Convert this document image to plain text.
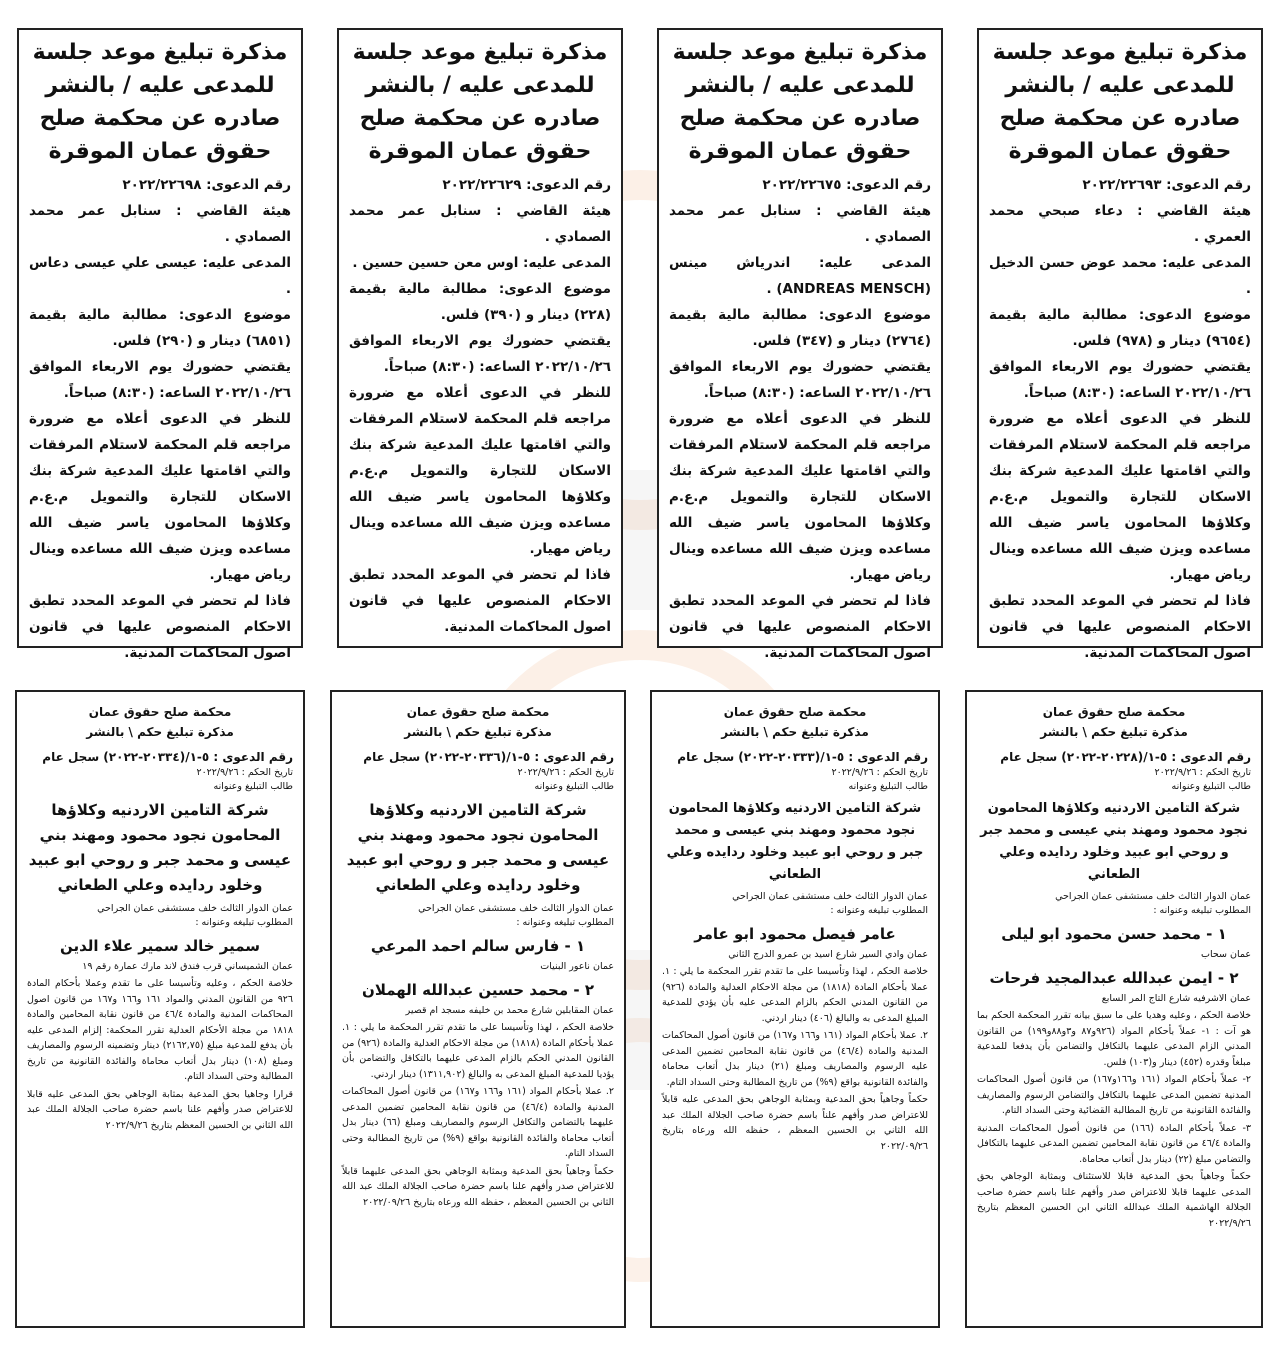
مذكرة تبليغ موعد جلسة للمدعى عليه / بالنشر صادره عن محكمة صلح حقوق عمان الموقرة

رقم الدعوى: ٢٠٢٢/٢٢٦٩٣

هيئة القاضي : دعاء صبحي محمد العمري .

المدعى عليه: محمد عوض حسن الدخيل .

موضوع الدعوى: مطالبة مالية بقيمة (٩٦٥٤) دينار و (٩٧٨) فلس.

يقتضي حضورك يوم الاربعاء الموافق ٢٠٢٢/١٠/٢٦ الساعه: (٨:٣٠) صباحاً.

للنظر في الدعوى أعلاه مع ضرورة مراجعه قلم المحكمة لاستلام المرفقات والتي اقامتها عليك المدعية شركة بنك الاسكان للتجارة والتمويل م.ع.م وكلاؤها المحامون ياسر ضيف الله مساعده ويزن ضيف الله مساعده وينال رياض مهيار.

فاذا لم تحضر في الموعد المحدد تطبق الاحكام المنصوص عليها في قانون اصول المحاكمات المدنية.

مذكرة تبليغ موعد جلسة للمدعى عليه / بالنشر صادره عن محكمة صلح حقوق عمان الموقرة

رقم الدعوى: ٢٠٢٢/٢٢٦٧٥

هيئة القاضي : سنابل عمر محمد الصمادي .

المدعى عليه: اندرياش مينس (ANDREAS MENSCH) .

موضوع الدعوى: مطالبة مالية بقيمة (٢٧٦٤) دينار و (٣٤٧) فلس.

يقتضي حضورك يوم الاربعاء الموافق ٢٠٢٢/١٠/٢٦ الساعه: (٨:٣٠) صباحاً.

للنظر في الدعوى أعلاه مع ضرورة مراجعه قلم المحكمة لاستلام المرفقات والتي اقامتها عليك المدعية شركة بنك الاسكان للتجارة والتمويل م.ع.م وكلاؤها المحامون ياسر ضيف الله مساعده ويزن ضيف الله مساعده وينال رياض مهيار.

فاذا لم تحضر في الموعد المحدد تطبق الاحكام المنصوص عليها في قانون اصول المحاكمات المدنية.

مذكرة تبليغ موعد جلسة للمدعى عليه / بالنشر صادره عن محكمة صلح حقوق عمان الموقرة

رقم الدعوى: ٢٠٢٢/٢٢٦٢٩

هيئة القاضي : سنابل عمر محمد الصمادي .

المدعى عليه: اوس معن حسين حسين .

موضوع الدعوى: مطالبة مالية بقيمة (٢٢٨) دينار و (٣٩٠) فلس.

يقتضي حضورك يوم الاربعاء الموافق ٢٠٢٢/١٠/٢٦ الساعه: (٨:٣٠) صباحاً.

للنظر في الدعوى أعلاه مع ضرورة مراجعه قلم المحكمة لاستلام المرفقات والتي اقامتها عليك المدعية شركة بنك الاسكان للتجارة والتمويل م.ع.م وكلاؤها المحامون ياسر ضيف الله مساعده ويزن ضيف الله مساعده وينال رياض مهيار.

فاذا لم تحضر في الموعد المحدد تطبق الاحكام المنصوص عليها في قانون اصول المحاكمات المدنية.

مذكرة تبليغ موعد جلسة للمدعى عليه / بالنشر صادره عن محكمة صلح حقوق عمان الموقرة

رقم الدعوى: ٢٠٢٢/٢٢٦٩٨

هيئة القاضي : سنابل عمر محمد الصمادي .

المدعى عليه: عيسى علي عيسى دعاس .

موضوع الدعوى: مطالبة مالية بقيمة (٦٨٥١) دينار و (٢٩٠) فلس.

يقتضي حضورك يوم الاربعاء الموافق ٢٠٢٢/١٠/٢٦ الساعه: (٨:٣٠) صباحاً.

للنظر في الدعوى أعلاه مع ضرورة مراجعه قلم المحكمة لاستلام المرفقات والتي اقامتها عليك المدعية شركة بنك الاسكان للتجارة والتمويل م.ع.م وكلاؤها المحامون ياسر ضيف الله مساعده ويزن ضيف الله مساعده وينال رياض مهيار.

فاذا لم تحضر في الموعد المحدد تطبق الاحكام المنصوص عليها في قانون اصول المحاكمات المدنية.

محكمة صلح حقوق عمان

مذكرة تبليغ حكم \ بالنشر

رقم الدعوى : ٥-١/(٢٠٢٢٨-٢٠٢٢) سجل عام

تاريخ الحكم : ٢٠٢٢/٩/٢٦

طالب التبليغ وعنوانه

شركة التامين الاردنيه وكلاؤها المحامون نجود محمود ومهند بني عيسى و محمد جبر و روحي ابو عبيد وخلود ردايده وعلي الطعاني

عمان الدوار الثالث خلف مستشفى عمان الجراحي

المطلوب تبليغه وعنوانه :

١ - محمد حسن محمود ابو ليلى

عمان سحاب

٢ - ايمن عبدالله عبدالمجيد فرحات

عمان الاشرفيه شارع التاج المر السابع

خلاصة الحكم ، وعليه وهديا على ما سبق بيانه تقرر المحكمة الحكم بما هو آت : ١- عملاً بأحكام المواد (٩٢٦و٨٧ و٣و٨٨و١٩٩) من القانون المدني الزام المدعى عليهما بالتكافل والتضامن بأن يدفعا للمدعية مبلغاً وقدره (٤٥٢) دينار و(١٠٣) فلس.

٢- عملاً بأحكام المواد (١٦١ و١٦٦و١٦٧) من قانون أصول المحاكمات المدنية تضمين المدعى عليهما بالتكافل والتضامن الرسوم والمصاريف والفائدة القانونية من تاريخ المطالبة القضائية وحتى السداد التام.

٣- عملاً بأحكام المادة (١٦٦) من قانون أصول المحاكمات المدنية والمادة ٤٦/٤ من قانون نقابة المحامين تضمين المدعى عليهما بالتكافل والتضامن مبلغ (٢٢) دينار بدل أتعاب محاماة.

حكماً وجاهياً بحق المدعية قابلا للاستئناف وبمثابة الوجاهي بحق المدعى عليهما قابلا للاعتراض صدر وأفهم علنا باسم حضرة صاحب الجلالة الهاشمية الملك عبدالله الثاني ابن الحسين المعظم بتاريخ ٢٠٢٢/٩/٢٦

محكمة صلح حقوق عمان

مذكرة تبليغ حكم \ بالنشر

رقم الدعوى : ٥-١/(٢٠٣٣٣-٢٠٢٢) سجل عام

تاريخ الحكم : ٢٠٢٢/٩/٢٦

طالب التبليغ وعنوانه

شركة التامين الاردنيه وكلاؤها المحامون نجود محمود ومهند بني عيسى و محمد جبر و روحي ابو عبيد وخلود ردايده وعلي الطعاني

عمان الدوار الثالث خلف مستشفى عمان الجراحي

المطلوب تبليغه وعنوانه :

عامر فيصل محمود ابو عامر

عمان وادي السير شارع اسيد بن عمرو الدرج الثاني

خلاصة الحكم ، لهذا وتأسيسا على ما تقدم تقرر المحكمة ما يلي : ١. عملا بأحكام المادة (١٨١٨) من مجلة الاحكام العدلية والمادة (٩٢٦) من القانون المدني الحكم بالزام المدعى عليه بأن يؤدي للمدعية المبلغ المدعى به والبالغ (٤٠٦) دينار اردني.

٢. عملا بأحكام المواد (١٦١ و١٦٦ و١٦٧) من قانون أصول المحاكمات المدنية والمادة (٤٦/٤) من قانون نقابة المحامين تضمين المدعى عليه الرسوم والمصاريف ومبلغ (٢١) دينار بدل أتعاب محاماة والفائدة القانونية بواقع (٩%) من تاريخ المطالبة وحتى السداد التام.

حكماً وجاهياً بحق المدعية وبمثابة الوجاهي بحق المدعى عليه قابلاً للاعتراض صدر وأفهم علناً باسم حضرة صاحب الجلالة الملك عبد الله الثاني بن الحسين المعظم ، حفظه الله ورعاه بتاريخ ٢٠٢٢/٠٩/٢٦

محكمة صلح حقوق عمان

مذكرة تبليغ حكم \ بالنشر

رقم الدعوى : ٥-١/(٢٠٣٣٦-٢٠٢٢) سجل عام

تاريخ الحكم : ٢٠٢٢/٩/٢٦

طالب التبليغ وعنوانه

شركة التامين الاردنيه وكلاؤها المحامون نجود محمود ومهند بني عيسى و محمد جبر و روحي ابو عبيد وخلود ردايده وعلي الطعاني

عمان الدوار الثالث خلف مستشفى عمان الجراحي

المطلوب تبليغه وعنوانه :

١ - فارس سالم احمد المرعي

عمان ناعور البنيات

٢ - محمد حسين عبدالله الهملان

عمان المقابلين شارع محمد بن خليفه مسجد ام قصير

خلاصة الحكم ، لهذا وتأسيسا على ما تقدم تقرر المحكمة ما يلي : ١. عملا بأحكام المادة (١٨١٨) من مجلة الاحكام العدلية والمادة (٩٢٦) من القانون المدني الحكم بالزام المدعى عليهما بالتكافل والتضامن بأن يؤديا للمدعية المبلغ المدعى به والبالغ (١٣١١,٩٠٢) دينار اردني.

٢. عملا بأحكام المواد (١٦١ و١٦٦ و١٦٧) من قانون أصول المحاكمات المدنية والمادة (٤٦/٤) من قانون نقابة المحامين تضمين المدعى عليهما بالتضامن والتكافل الرسوم والمصاريف ومبلغ (٦٦) دينار بدل أتعاب محاماة والفائدة القانونية بواقع (٩%) من تاريخ المطالبة وحتى السداد التام.

حكماً وجاهياً بحق المدعية وبمثابة الوجاهي بحق المدعى عليهما قابلاً للاعتراض صدر وأفهم علنا باسم حضرة صاحب الجلالة الملك عبد الله الثاني بن الحسين المعظم ، حفظه الله ورعاه بتاريخ ٢٠٢٢/٠٩/٢٦

محكمة صلح حقوق عمان

مذكرة تبليغ حكم \ بالنشر

رقم الدعوى : ٥-١/(٢٠٣٣٤-٢٠٢٢) سجل عام

تاريخ الحكم : ٢٠٢٢/٩/٢٦

طالب التبليغ وعنوانه

شركة التامين الاردنيه وكلاؤها المحامون نجود محمود ومهند بني عيسى و محمد جبر و روحي ابو عبيد وخلود ردايده وعلي الطعاني

عمان الدوار الثالث خلف مستشفى عمان الجراحي

المطلوب تبليغه وعنوانه :

سمير خالد سمير علاء الدين

عمان الشميساني قرب فندق لاند مارك عمارة رقم ١٩

خلاصة الحكم ، وعليه وتأسيسا على ما تقدم وعملا بأحكام المادة ٩٢٦ من القانون المدني والمواد ١٦١ و١٦٦ و١٦٧ من قانون اصول المحاكمات المدنية والمادة ٤٦/٤ من قانون نقابة المحامين والمادة ١٨١٨ من مجلة الأحكام العدلية تقرر المحكمة: إلزام المدعى عليه بأن يدفع للمدعية مبلغ (٢١٦٢,٧٥) دينار وتضمينه الرسوم والمصاريف ومبلغ (١٠٨) دينار بدل أتعاب محاماة والفائدة القانونية من تاريخ المطالبة وحتى السداد التام.

قرارا وجاهيا بحق المدعية بمثابة الوجاهي بحق المدعى عليه قابلا للاعتراض صدر وأفهم علنا باسم حضرة صاحب الجلالة الملك عبد الله الثاني بن الحسين المعظم بتاريخ ٢٠٢٢/٩/٢٦
